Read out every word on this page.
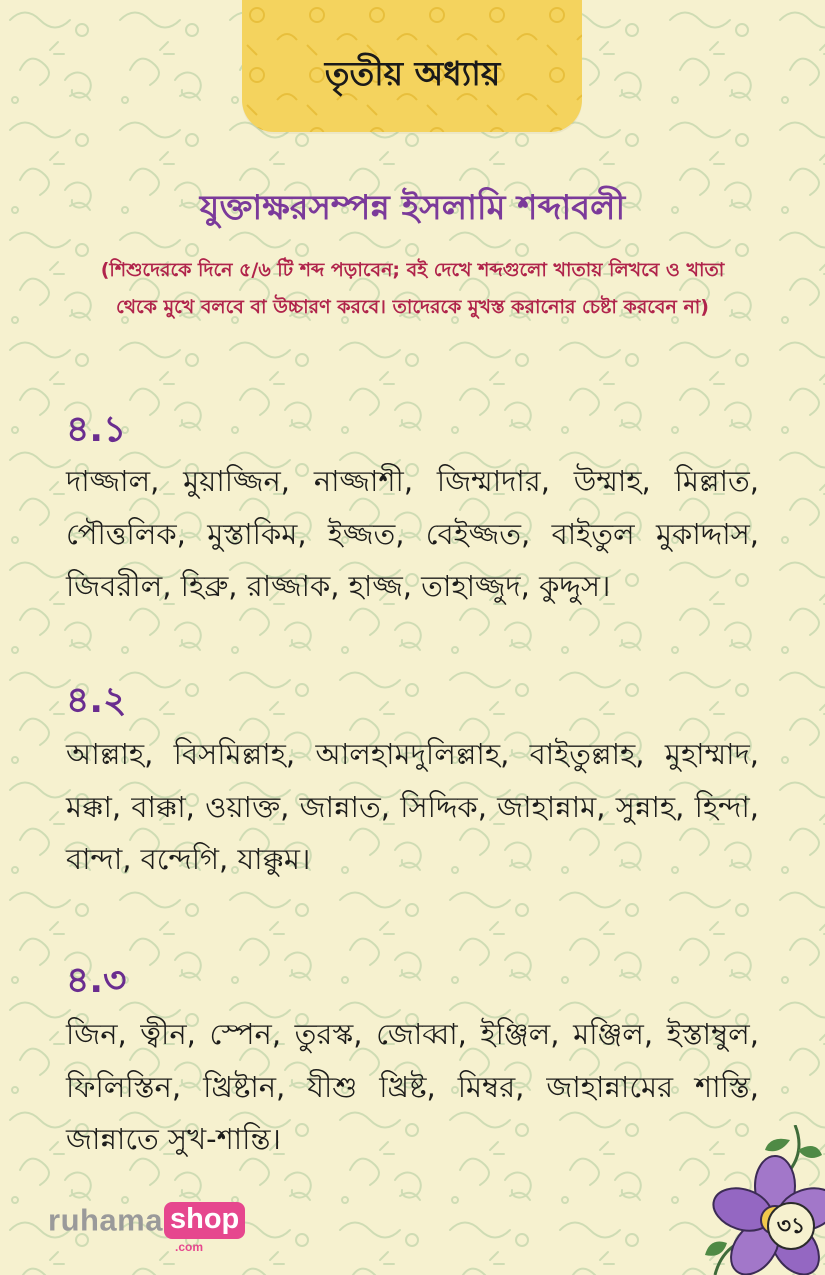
তৃতীয় অধ্যায়
যুক্তাক্ষরসম্পন্ন ইসলামি শব্দাবলী
(শিশুদেরকে দিনে ৫/৬ টি শব্দ পড়াবেন; বই দেখে শব্দগুলো খাতায় লিখবে ও খাতা থেকে মুখে বলবে বা উচ্চারণ করবে। তাদেরকে মুখস্ত করানোর চেষ্টা করবেন না)
৪.১
দাজ্জাল, মুয়াজ্জিন, নাজ্জাশী, জিম্মাদার, উম্মাহ, মিল্লাত, পৌত্তলিক, মুস্তাকিম, ইজ্জত, বেইজ্জত, বাইতুল মুকাদ্দাস, জিবরীল, হিব্রু, রাজ্জাক, হাজ্জ, তাহাজ্জুদ, কুদ্দুস।
৪.২
আল্লাহ, বিসমিল্লাহ, আলহামদুলিল্লাহ, বাইতুল্লাহ, মুহাম্মাদ, মক্কা, বাক্কা, ওয়াক্ত, জান্নাত, সিদ্দিক, জাহান্নাম, সুন্নাহ, হিন্দা, বান্দা, বন্দেগি, যাক্কুম।
৪.৩
জিন, ত্বীন, স্পেন, তুরস্ক, জোব্বা, ইঞ্জিল, মঞ্জিল, ইস্তাম্বুল, ফিলিস্তিন, খ্রিষ্টান, যীশু খ্রিষ্ট, মিম্বর, জাহান্নামের শাস্তি, জান্নাতে সুখ-শান্তি।
ruhama shop
.com
৩১
